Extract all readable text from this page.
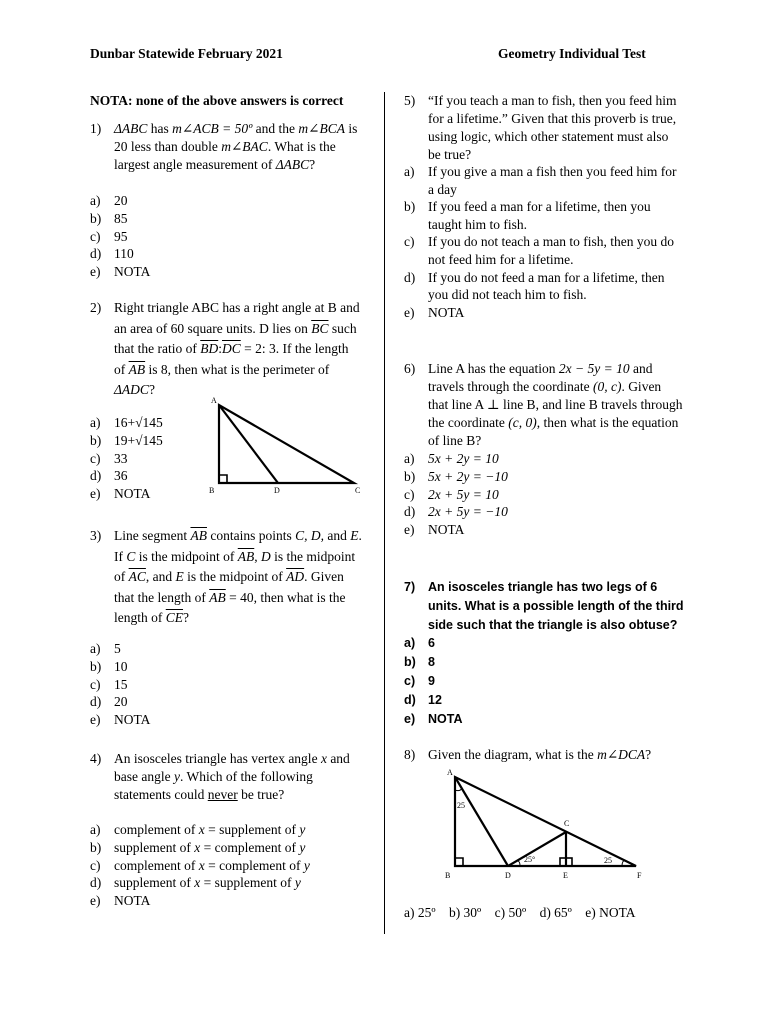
Dunbar Statewide February 2021	Geometry Individual Test
NOTA: none of the above answers is correct
1) ΔABC has m∠ACB = 50º and the m∠BCA is 20 less than double m∠BAC. What is the largest angle measurement of ΔABC?
a) 20
b) 85
c) 95
d) 110
e) NOTA
2) Right triangle ABC has a right angle at B and an area of 60 square units. D lies on $\overline{BC}$ such that the ratio of $\overline{BD}:\overline{DC} = 2$: 3. If the length of $\overline{AB}$ is 8, then what is the perimeter of ΔADC?
a) 16+√145
b) 19+√145
c) 33
d) 36
e) NOTA
A
B	D	C
3) Line segment $\overline{AB}$ contains points C, D, and E. If C is the midpoint of $\overline{AB}$, D is the midpoint of $\overline{AC}$, and E is the midpoint of $\overline{AD}$. Given that the length of $\overline{AB} = 40$, then what is the length of $\overline{CE}$?
a) 5
b) 10
c) 15
d) 20
e) NOTA
4) An isosceles triangle has vertex angle x and base angle y. Which of the following statements could never be true?
a) complement of x = supplement of y
b) supplement of x = complement of y
c) complement of x = complement of y
d) supplement of x = supplement of y
e) NOTA
5) “If you teach a man to fish, then you feed him for a lifetime.” Given that this proverb is true, using logic, which other statement must also be true?
a) If you give a man a fish then you feed him for a day
b) If you feed a man for a lifetime, then you taught him to fish.
c) If you do not teach a man to fish, then you do not feed him for a lifetime.
d) If you do not feed a man for a lifetime, then you did not teach him to fish.
e) NOTA
6) Line A has the equation 2x − 5y = 10 and travels through the coordinate (0, c). Given that line A ⊥ line B, and line B travels through the coordinate (c, 0), then what is the equation of line B?
a) 5x + 2y = 10
b) 5x + 2y = −10
c) 2x + 5y = 10
d) 2x + 5y = −10
e) NOTA
7) An isosceles triangle has two legs of 6 units. What is a possible length of the third side such that the triangle is also obtuse?
a) 6
b) 8
c) 9
d) 12
e) NOTA
8) Given the diagram, what is the m∠DCA?
A
B	D	E	F
C
25
25°	25
a) 25º b) 30º c) 50º d) 65º e) NOTA
